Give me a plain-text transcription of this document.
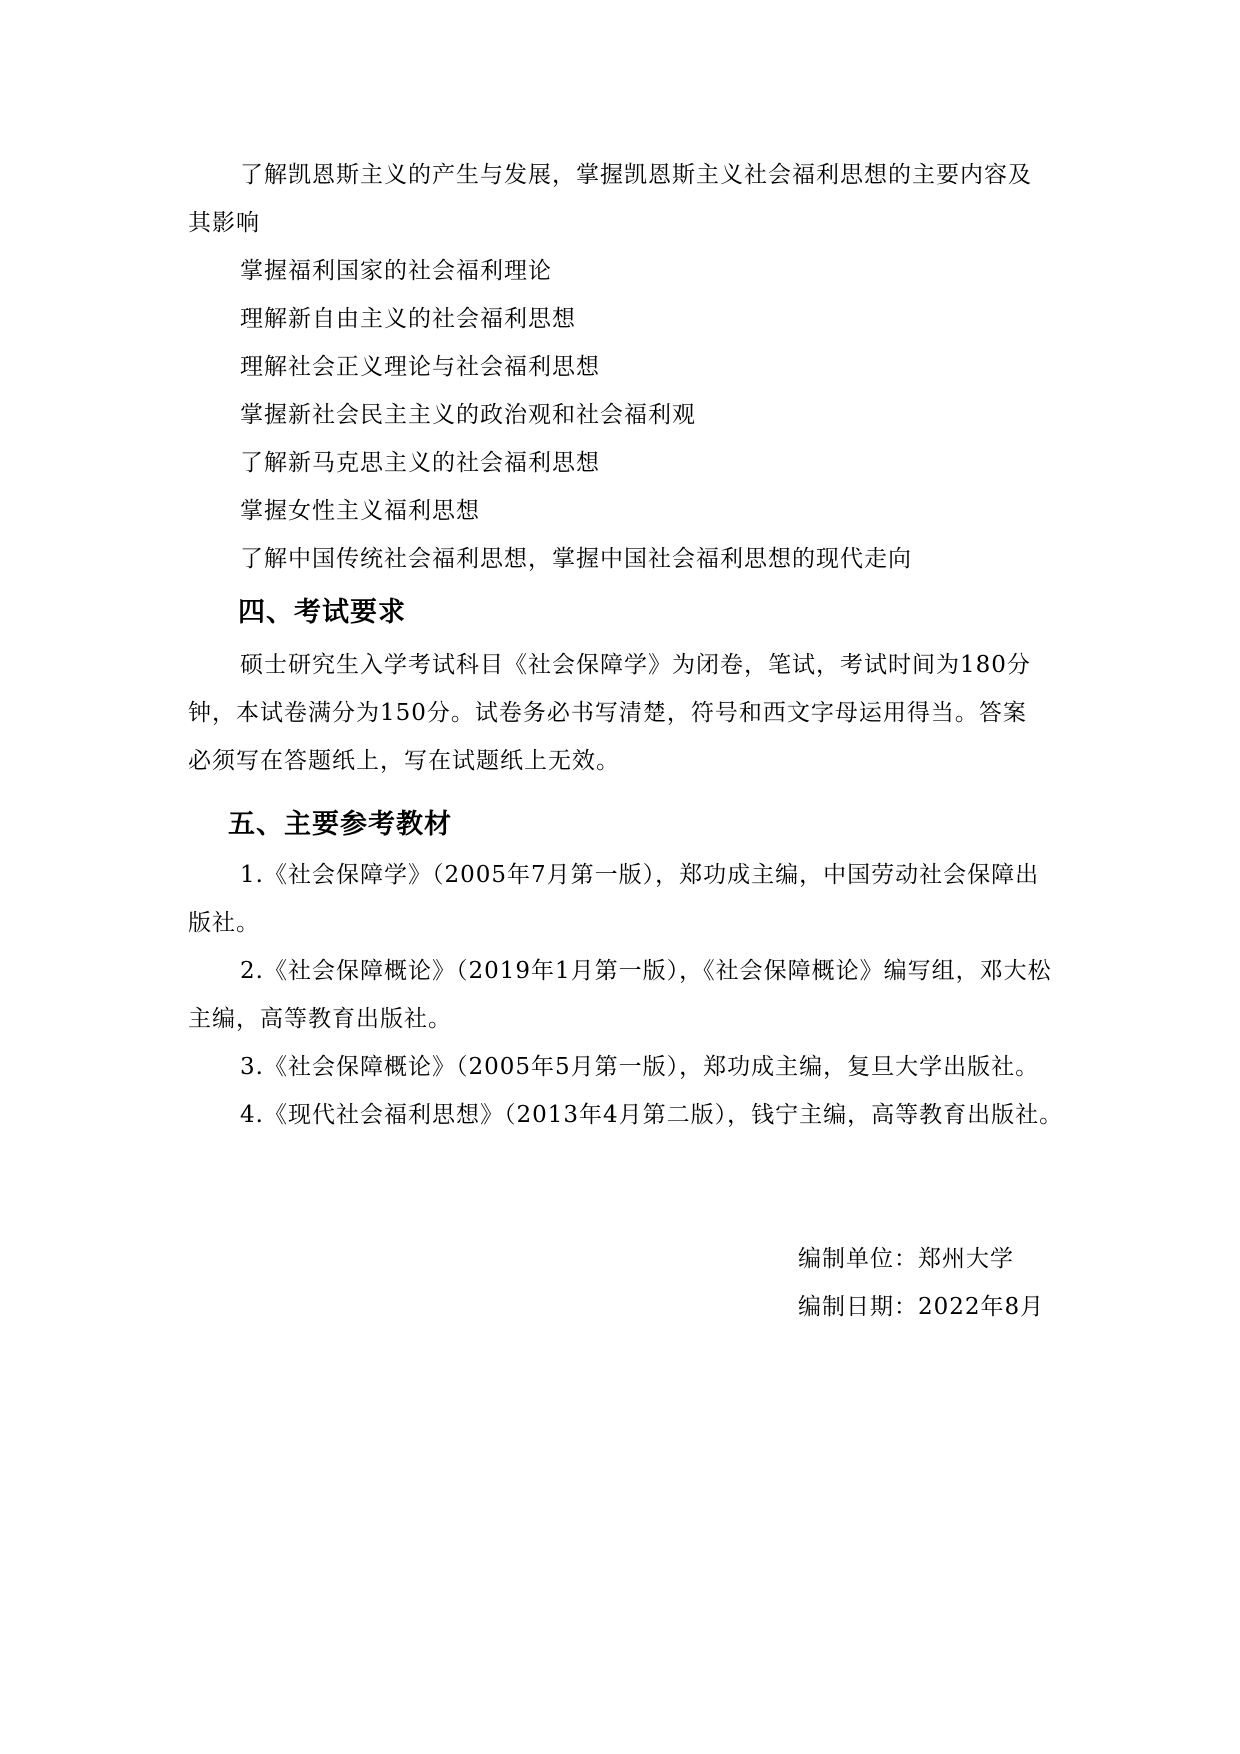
了解凯恩斯主义的产生与发展，掌握凯恩斯主义社会福利思想的主要内容及
其影响
掌握福利国家的社会福利理论
理解新自由主义的社会福利思想
理解社会正义理论与社会福利思想
掌握新社会民主主义的政治观和社会福利观
了解新马克思主义的社会福利思想
掌握女性主义福利思想
了解中国传统社会福利思想，掌握中国社会福利思想的现代走向
四、考试要求
硕士研究生入学考试科目《社会保障学》为闭卷，笔试，考试时间为180分
钟，本试卷满分为150分。试卷务必书写清楚，符号和西文字母运用得当。答案
必须写在答题纸上，写在试题纸上无效。
五、主要参考教材
1.《社会保障学》（2005年7月第一版），郑功成主编，中国劳动社会保障出
版社。
2.《社会保障概论》（2019年1月第一版），《社会保障概论》编写组，邓大松
主编，高等教育出版社。
3.《社会保障概论》（2005年5月第一版），郑功成主编，复旦大学出版社。
4.《现代社会福利思想》（2013年4月第二版），钱宁主编，高等教育出版社。
编制单位：郑州大学
编制日期：2022年8月
